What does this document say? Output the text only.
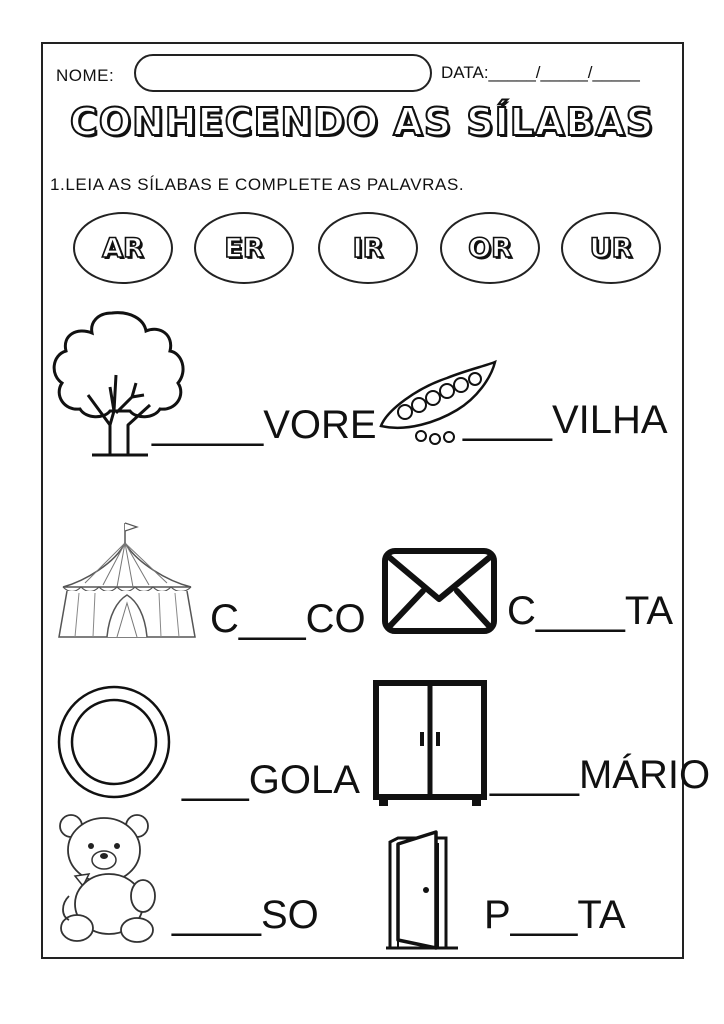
NOME:	DATA:_____/_____/_____
CONHECENDO AS SÍLABAS
1.LEIA AS SÍLABAS E COMPLETE AS PALAVRAS.
AR	ER	IR	OR	UR
_____VORE ____VILHA
C___CO	C____TA
___GOLA	____MÁRIO
____SO	P___TA
